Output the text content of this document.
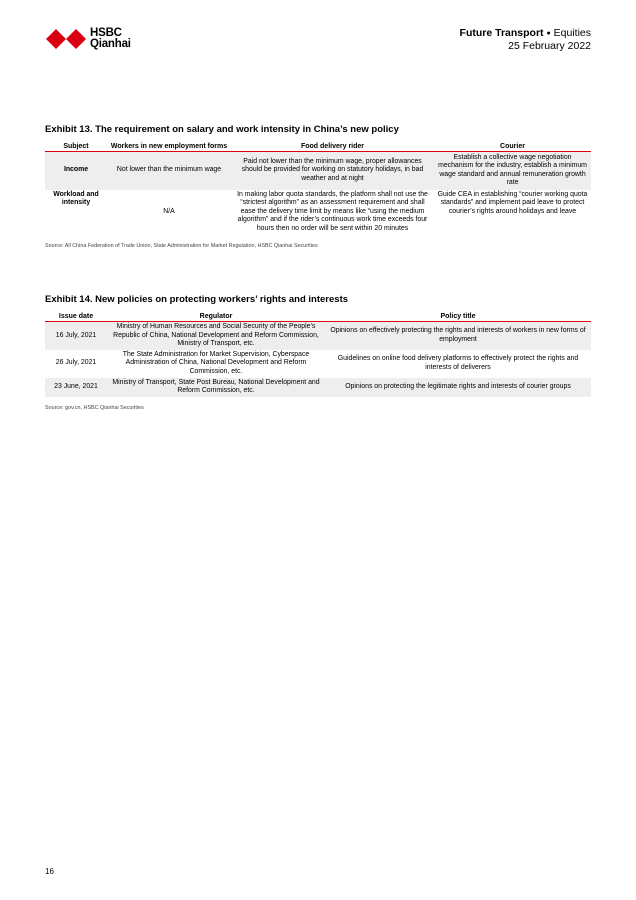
HSBC
Qianhai
Future Transport ● Equities
25 February 2022
Exhibit 13. The requirement on salary and work intensity in China’s new policy
Subject	Workers in new employment forms	Food delivery rider	Courier
Income	Not lower than the minimum wage	Paid not lower than the minimum wage, proper allowances should be provided for working on statutory holidays, in bad weather and at night	Establish a collective wage negotiation mechanism for the industry, establish a minimum wage standard and annual remuneration growth rate
Workload and intensity	N/A	In making labor quota standards, the platform shall not use the “strictest algorithm” as an assessment requirement and shall ease the delivery time limit by means like “using the medium algorithm” and if the rider’s continuous work time exceeds four hours then no order will be sent within 20 minutes	Guide CEA in establishing “courier working quota standards” and implement paid leave to protect courier’s rights around holidays and leave
Source: All China Federation of Trade Union, State Administration for Market Regulation, HSBC Qianhai Securities
Exhibit 14. New policies on protecting workers’ rights and interests
Issue date	Regulator	Policy title
16 July, 2021	Ministry of Human Resources and Social Security of the People’s Republic of China, National Development and Reform Commission, Ministry of Transport, etc.	Opinions on effectively protecting the rights and interests of workers in new forms of employment
26 July, 2021	The State Administration for Market Supervision, Cyberspace Administration of China, National Development and Reform Commission, etc.	Guidelines on online food delivery platforms to effectively protect the rights and interests of deliverers
23 June, 2021	Ministry of Transport, State Post Bureau, National Development and Reform Commission, etc.	Opinions on protecting the legitimate rights and interests of courier groups
Source: gov.cn, HSBC Qianhai Securities
16
